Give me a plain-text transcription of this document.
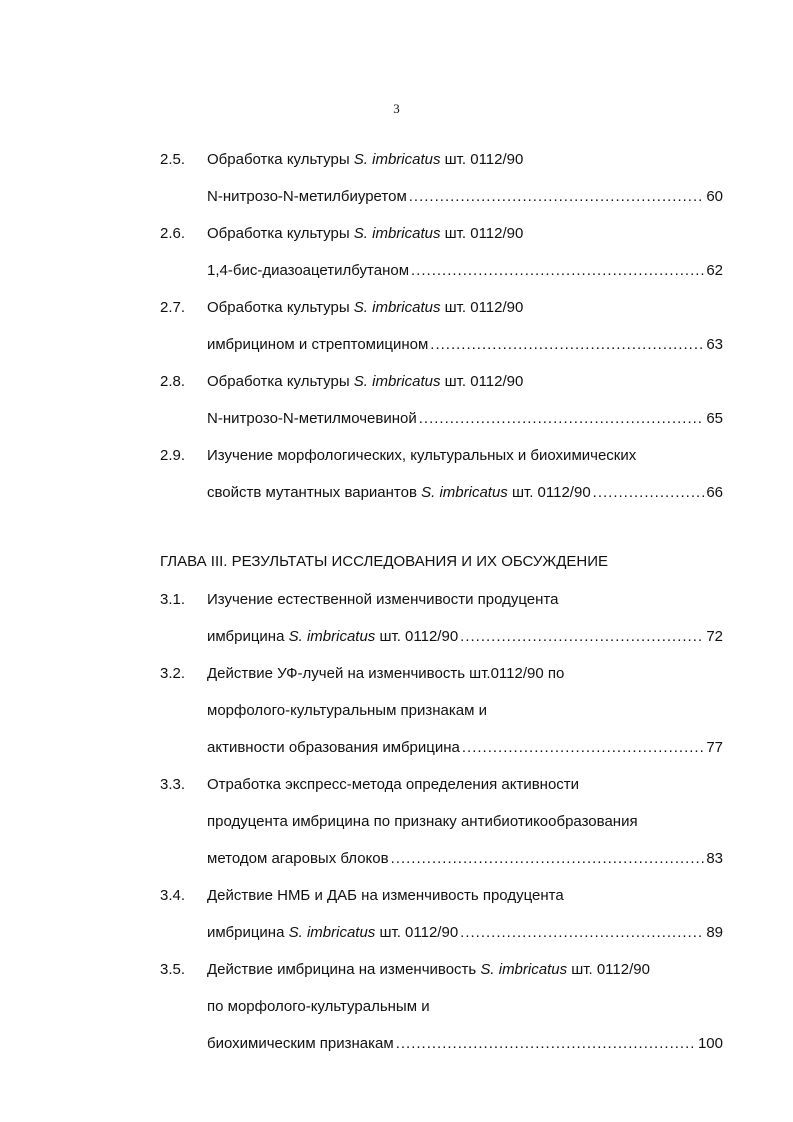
3
ГЛАВА III. РЕЗУЛЬТАТЫ ИССЛЕДОВАНИЯ И ИХ ОБСУЖДЕНИЕ
2.5. Обработка культуры S. imbricatus шт. 0112/90
N-нитрозо-N-метилбиуретом .....	60
2.6. Обработка культуры S. imbricatus шт. 0112/90
1,4-бис-диазоацетилбутаном .....	62
2.7. Обработка культуры S. imbricatus шт. 0112/90
имбрицином и стрептомицином .....	63
2.8. Обработка культуры S. imbricatus шт. 0112/90
N-нитрозо-N-метилмочевиной .....	65
2.9. Изучение морфологических, культуральных и биохимических
свойств мутантных вариантов S. imbricatus шт. 0112/90 .....	66
3.1. Изучение естественной изменчивости продуцента
имбрицина S. imbricatus шт. 0112/90 .....	72
3.2. Действие УФ-лучей на изменчивость шт.0112/90 по
морфолого-культуральным признакам и
активности образования имбрицина .....	77
3.3. Отработка экспресс-метода определения активности
продуцента имбрицина по признаку антибиотикообразования
методом агаровых блоков .....	83
3.4. Действие НМБ и ДАБ на изменчивость продуцента
имбрицина S. imbricatus шт. 0112/90 .....	89
3.5. Действие имбрицина на изменчивость S. imbricatus шт. 0112/90
по морфолого-культуральным и
биохимическим признакам .....	100
